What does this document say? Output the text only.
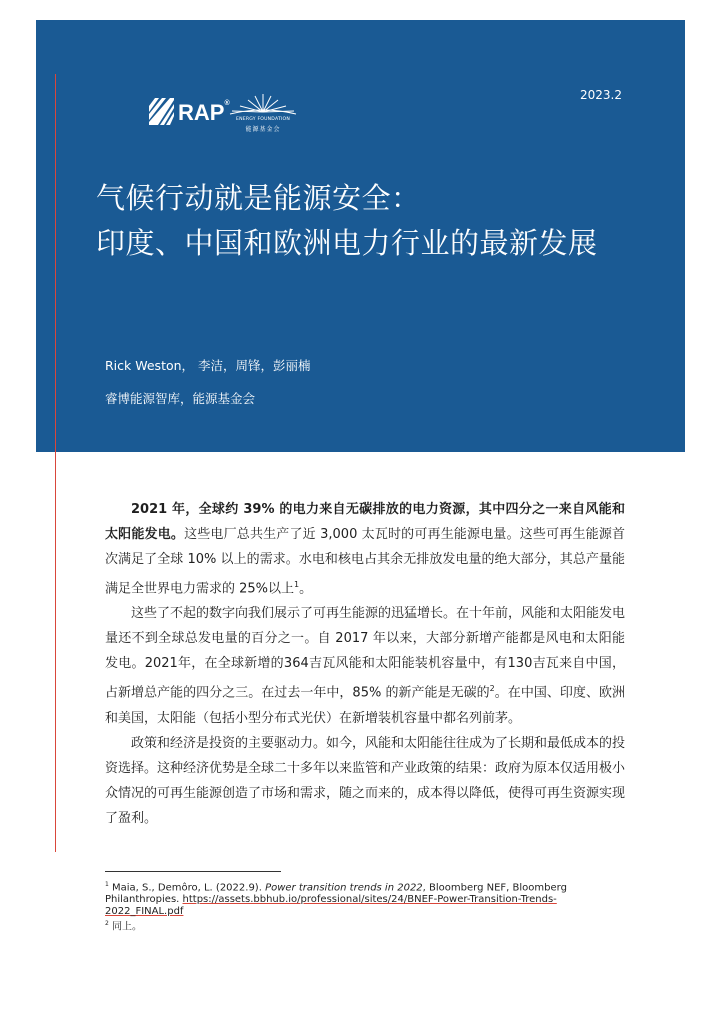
RAP®
ENERGY FOUNDATION
能源基金会
2023.2
气候行动就是能源安全：
印度、中国和欧洲电力行业的最新发展
Rick Weston， 李洁，周锋，彭丽楠
睿博能源智库，能源基金会

2021 年，全球约 39% 的电力来自无碳排放的电力资源，其中四分之一来自风能和太阳能发电。这些电厂总共生产了近 3,000 太瓦时的可再生能源电量。这些可再生能源首次满足了全球 10% 以上的需求。水电和核电占其余无排放发电量的绝大部分，其总产量能满足全世界电力需求的 25%以上$^1$。

这些了不起的数字向我们展示了可再生能源的迅猛增长。在十年前，风能和太阳能发电量还不到全球总发电量的百分之一。自 2017 年以来，大部分新增产能都是风电和太阳能发电。2021年，在全球新增的364吉瓦风能和太阳能装机容量中，有130吉瓦来自中国，占新增总产能的四分之三。在过去一年中，85% 的新产能是无碳的$^2$。在中国、印度、欧洲和美国，太阳能（包括小型分布式光伏）在新增装机容量中都名列前茅。

政策和经济是投资的主要驱动力。如今，风能和太阳能往往成为了长期和最低成本的投资选择。这种经济优势是全球二十多年以来监管和产业政策的结果：政府为原本仅适用极小众情况的可再生能源创造了市场和需求，随之而来的，成本得以降低，使得可再生资源实现了盈利。

$^1$ Maia, S., Demôro, L. (2022.9). Power transition trends in 2022, Bloomberg NEF, Bloomberg Philanthropies. https://assets.bbhub.io/professional/sites/24/BNEF-Power-Transition-Trends-2022_FINAL.pdf

$^2$ 同上。
